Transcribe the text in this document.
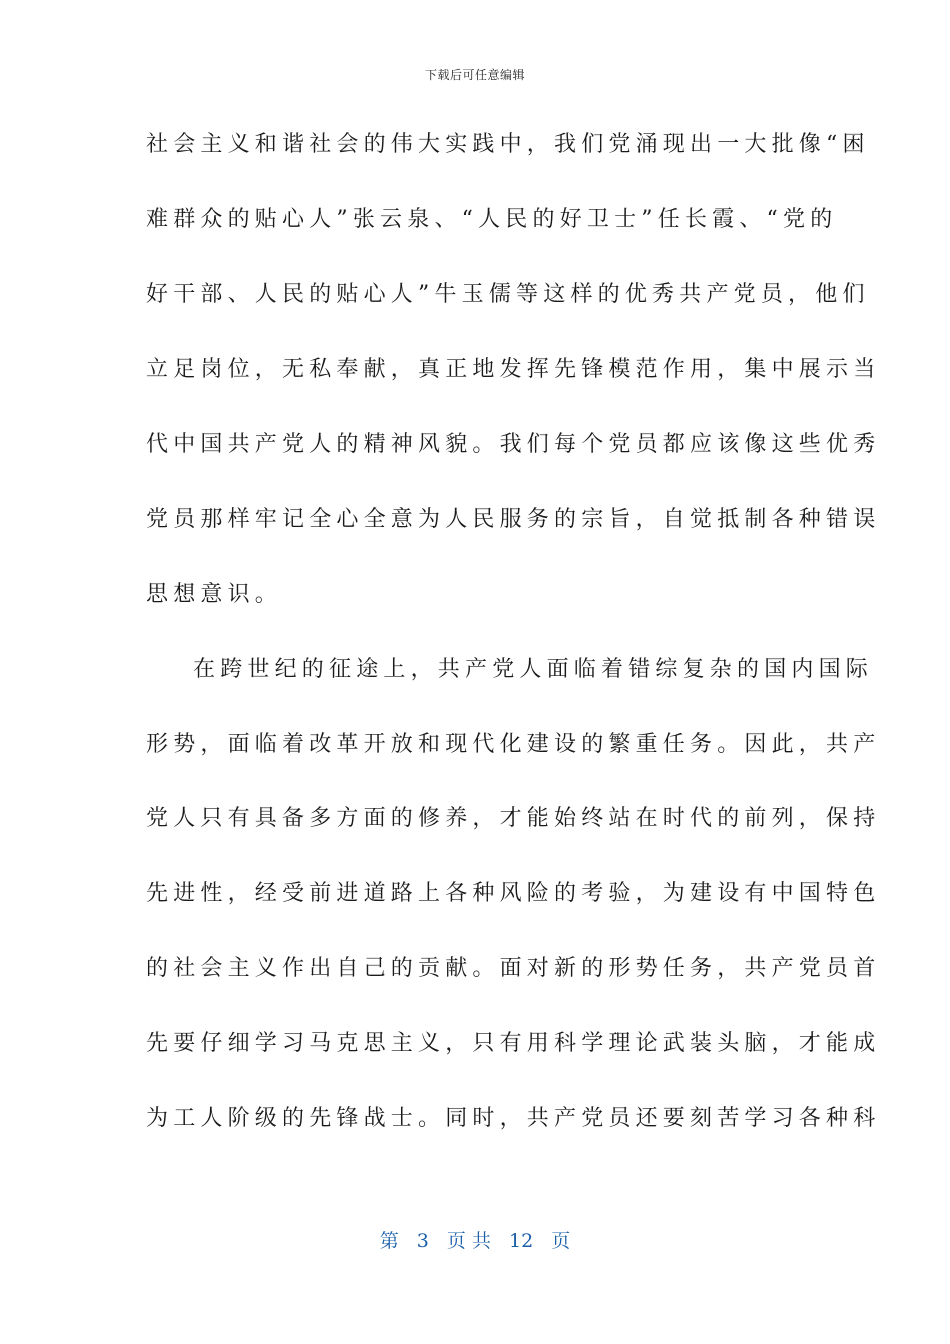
下载后可任意编辑
社会主义和谐社会的伟大实践中，我们党涌现出一大批像“困
难群众的贴心人”张云泉、“人民的好卫士”任长霞、“党的
好干部、人民的贴心人”牛玉儒等这样的优秀共产党员，他们
立足岗位，无私奉献，真正地发挥先锋模范作用，集中展示当
代中国共产党人的精神风貌。我们每个党员都应该像这些优秀
党员那样牢记全心全意为人民服务的宗旨，自觉抵制各种错误
思想意识。
在跨世纪的征途上，共产党人面临着错综复杂的国内国际
形势，面临着改革开放和现代化建设的繁重任务。因此，共产
党人只有具备多方面的修养，才能始终站在时代的前列，保持
先进性，经受前进道路上各种风险的考验，为建设有中国特色
的社会主义作出自己的贡献。面对新的形势任务，共产党员首
先要仔细学习马克思主义，只有用科学理论武装头脑，才能成
为工人阶级的先锋战士。同时，共产党员还要刻苦学习各种科
第 3 页 共 12 页
